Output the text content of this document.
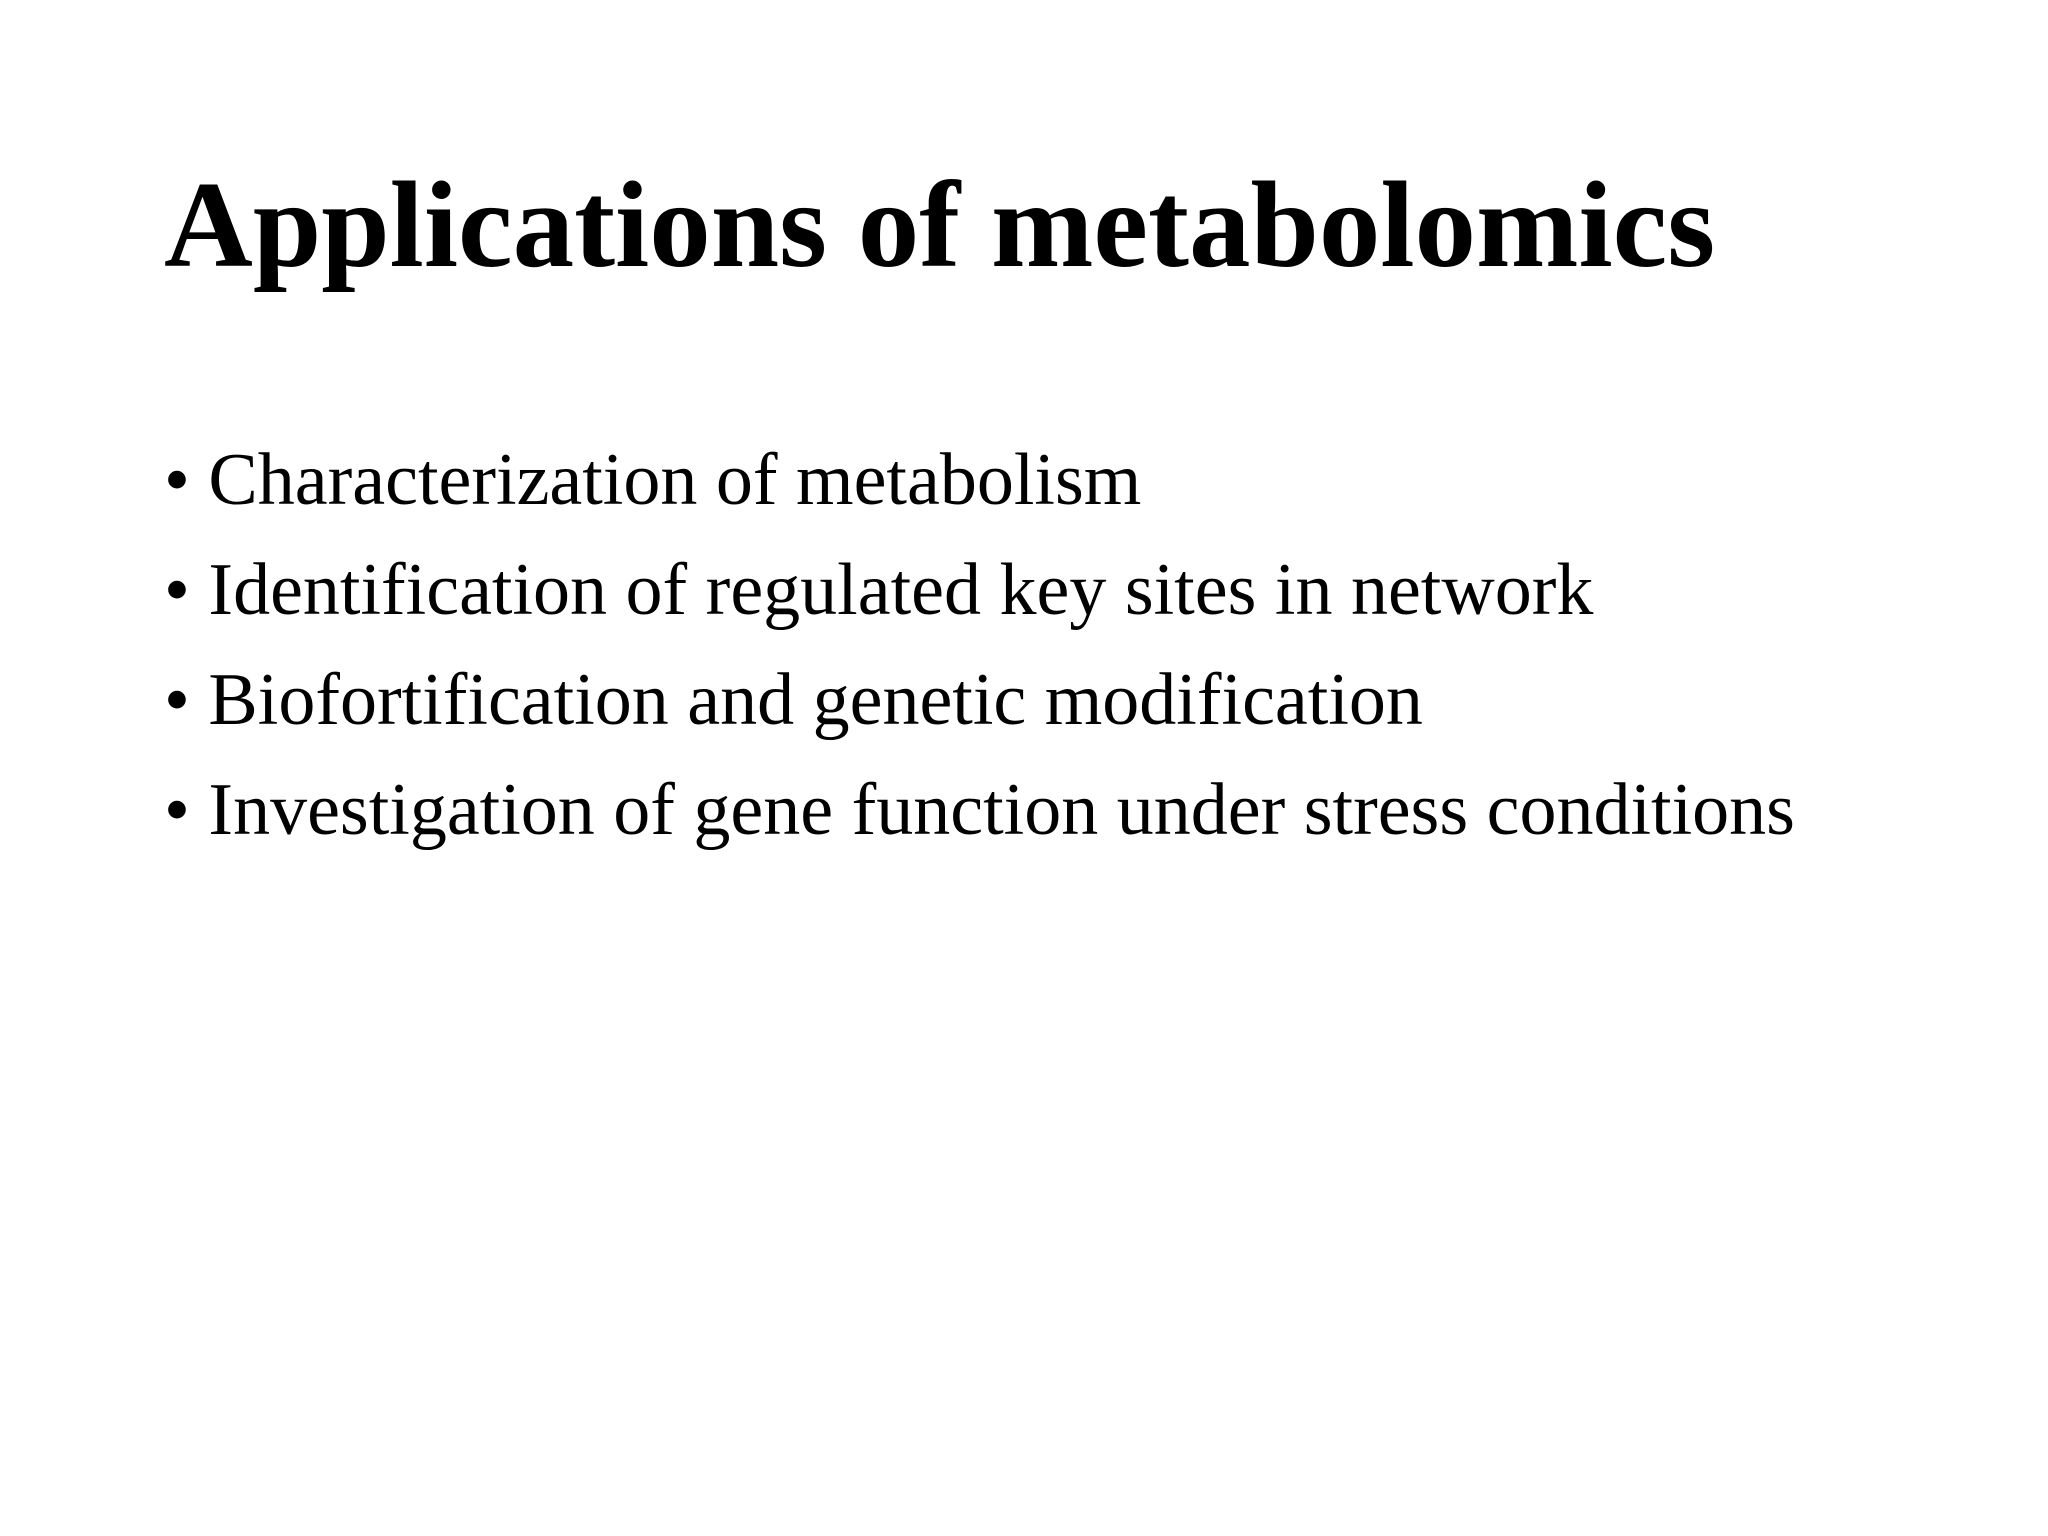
Applications of metabolomics
• Characterization of metabolism
• Identification of regulated key sites in network
• Biofortification and genetic modification
• Investigation of gene function under stress conditions
